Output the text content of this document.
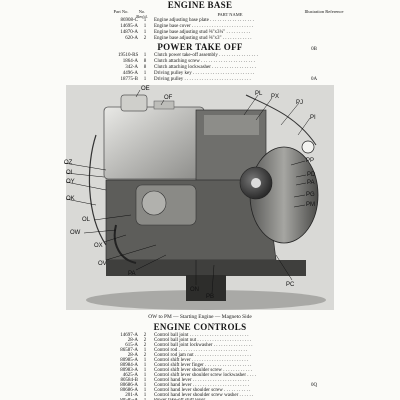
ENGINE BASE
Part No.	No. Req'd.	PART NAME
Illustration Reference
86908-C	1	Engine adjusting base plate . . . . . . . . . . . . . . . . . .
14695-A	1	Engine base cover . . . . . . . . . . . . . . . . . . . . . . . . .
14870-A	1	Engine base adjusting stud ⅜"x3¼" . . . . . . . . . .
620-A	2	Engine base adjusting stud ⅜"x3" . . . . . . . . . . . .
POWER TAKE OFF	0B
19510-RS	1	Clutch power take-off assembly . . . . . . . . . . . . . . . .
1864-A	8	Clutch attaching screw . . . . . . . . . . . . . . . . . . . . . .
342-A	8	Clutch attaching lockwasher . . . . . . . . . . . . . . . . . .
4496-A	1	Driving pulley key . . . . . . . . . . . . . . . . . . . . . . . . .
18775-B	1	Driving pulley . . . . . . . . . . . . . . . . . . . . . . . . . . .	0A
OE
OF
PL PX
PJ
PI
OZ
OI
PP
OY
PD
PA
OK
PG
OL
PM
OW
OX
OV
PA
ON
PB
PC
OW to PM — Starting Engine — Magneto Side
ENGINE CONTROLS
14697-A	2	Control ball joint . . . . . . . . . . . . . . . . . . . . . . . .
28-A	2	Control ball joint nut . . . . . . . . . . . . . . . . . . . . . .
615-A	2	Control ball joint lockwasher . . . . . . . . . . . . . . . .
86587-A	1	Control rod . . . . . . . . . . . . . . . . . . . . . . . . . . . .
28-A	2	Control rod jam nut . . . . . . . . . . . . . . . . . . . . . . .
80985-A	1	Control shift lever . . . . . . . . . . . . . . . . . . . . . . .
80984-A	1	Control shift lever finger . . . . . . . . . . . . . . . . . . .
80983-A	1	Control shift lever shoulder screw . . . . . . . . . . . .
4625-A	1	Control shift lever shoulder screw lockwasher . . . .
80584-B	1	Control hand lever . . . . . . . . . . . . . . . . . . . . . . .
80686-A	1	Control hand lever . . . . . . . . . . . . . . . . . . . . . . .	0Q
80686-A	1	Control hand lever shoulder screw . . . . . . . . . . .
201-A	1	Control hand lever shoulder screw washer . . . . . .
